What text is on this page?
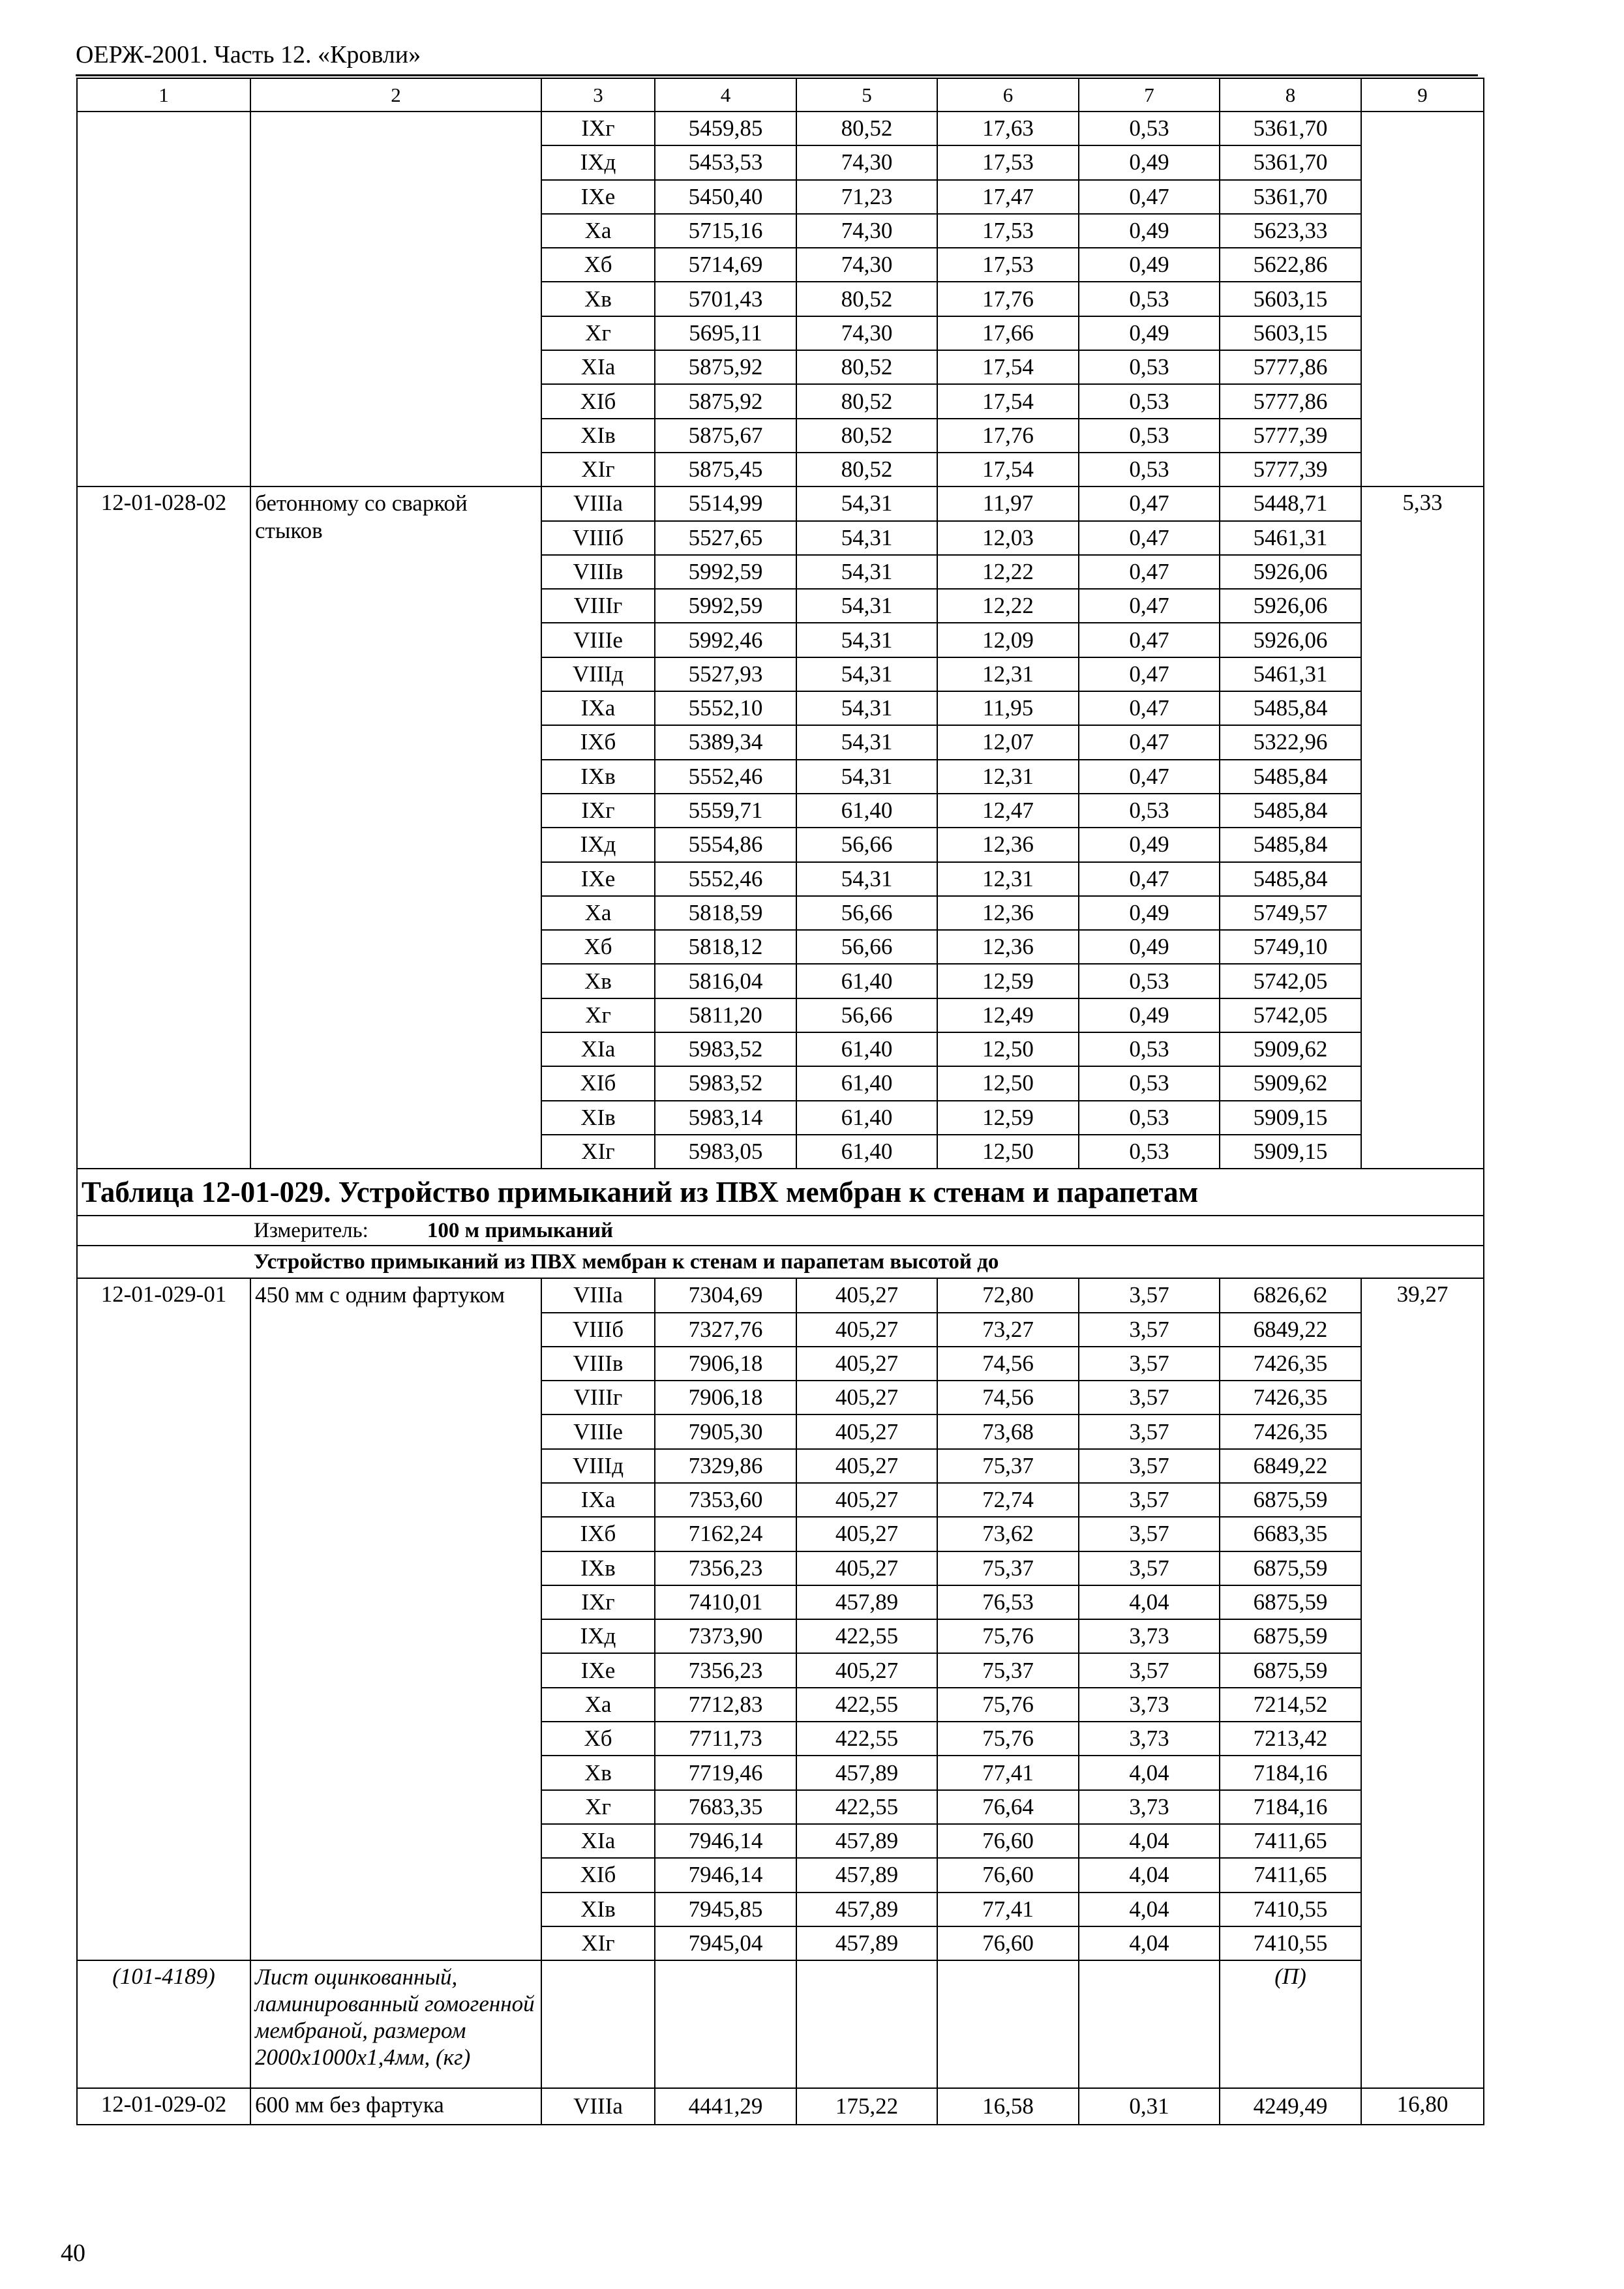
ОЕРЖ-2001. Часть 12. «Кровли»
1	2	3	4	5	6	7	8	9
		IXг	5459,85	80,52	17,63	0,53	5361,70	
		IXд	5453,53	74,30	17,53	0,49	5361,70	
		IXе	5450,40	71,23	17,47	0,47	5361,70	
		Xа	5715,16	74,30	17,53	0,49	5623,33	
		Xб	5714,69	74,30	17,53	0,49	5622,86	
		Xв	5701,43	80,52	17,76	0,53	5603,15	
		Xг	5695,11	74,30	17,66	0,49	5603,15	
		XIа	5875,92	80,52	17,54	0,53	5777,86	
		XIб	5875,92	80,52	17,54	0,53	5777,86	
		XIв	5875,67	80,52	17,76	0,53	5777,39	
		XIг	5875,45	80,52	17,54	0,53	5777,39	
12-01-028-02	бетонному со сваркой стыков	VIIIа	5514,99	54,31	11,97	0,47	5448,71	5,33
		VIIIб	5527,65	54,31	12,03	0,47	5461,31	
		VIIIв	5992,59	54,31	12,22	0,47	5926,06	
		VIIIг	5992,59	54,31	12,22	0,47	5926,06	
		VIIIе	5992,46	54,31	12,09	0,47	5926,06	
		VIIIд	5527,93	54,31	12,31	0,47	5461,31	
		IXа	5552,10	54,31	11,95	0,47	5485,84	
		IXб	5389,34	54,31	12,07	0,47	5322,96	
		IXв	5552,46	54,31	12,31	0,47	5485,84	
		IXг	5559,71	61,40	12,47	0,53	5485,84	
		IXд	5554,86	56,66	12,36	0,49	5485,84	
		IXе	5552,46	54,31	12,31	0,47	5485,84	
		Xа	5818,59	56,66	12,36	0,49	5749,57	
		Xб	5818,12	56,66	12,36	0,49	5749,10	
		Xв	5816,04	61,40	12,59	0,53	5742,05	
		Xг	5811,20	56,66	12,49	0,49	5742,05	
		XIа	5983,52	61,40	12,50	0,53	5909,62	
		XIб	5983,52	61,40	12,50	0,53	5909,62	
		XIв	5983,14	61,40	12,59	0,53	5909,15	
		XIг	5983,05	61,40	12,50	0,53	5909,15	
Таблица 12-01-029. Устройство примыканий из ПВХ мембран к стенам и парапетам								
Измеритель: 100 м примыканий								
Устройство примыканий из ПВХ мембран к стенам и парапетам высотой до								
12-01-029-01	450 мм с одним фартуком	VIIIа	7304,69	405,27	72,80	3,57	6826,62	39,27
		VIIIб	7327,76	405,27	73,27	3,57	6849,22	
		VIIIв	7906,18	405,27	74,56	3,57	7426,35	
		VIIIг	7906,18	405,27	74,56	3,57	7426,35	
		VIIIе	7905,30	405,27	73,68	3,57	7426,35	
		VIIIд	7329,86	405,27	75,37	3,57	6849,22	
		IXа	7353,60	405,27	72,74	3,57	6875,59	
		IXб	7162,24	405,27	73,62	3,57	6683,35	
		IXв	7356,23	405,27	75,37	3,57	6875,59	
		IXг	7410,01	457,89	76,53	4,04	6875,59	
		IXд	7373,90	422,55	75,76	3,73	6875,59	
		IXе	7356,23	405,27	75,37	3,57	6875,59	
		Xа	7712,83	422,55	75,76	3,73	7214,52	
		Xб	7711,73	422,55	75,76	3,73	7213,42	
		Xв	7719,46	457,89	77,41	4,04	7184,16	
		Xг	7683,35	422,55	76,64	3,73	7184,16	
		XIа	7946,14	457,89	76,60	4,04	7411,65	
		XIб	7946,14	457,89	76,60	4,04	7411,65	
		XIв	7945,85	457,89	77,41	4,04	7410,55	
		XIг	7945,04	457,89	76,60	4,04	7410,55	
(101-4189)	Лист оцинкованный, ламинированный гомогенной мембраной, размером 2000x1000x1,4мм, (кг)						(П)	
12-01-029-02	600 мм без фартука	VIIIа	4441,29	175,22	16,58	0,31	4249,49	16,80
40
